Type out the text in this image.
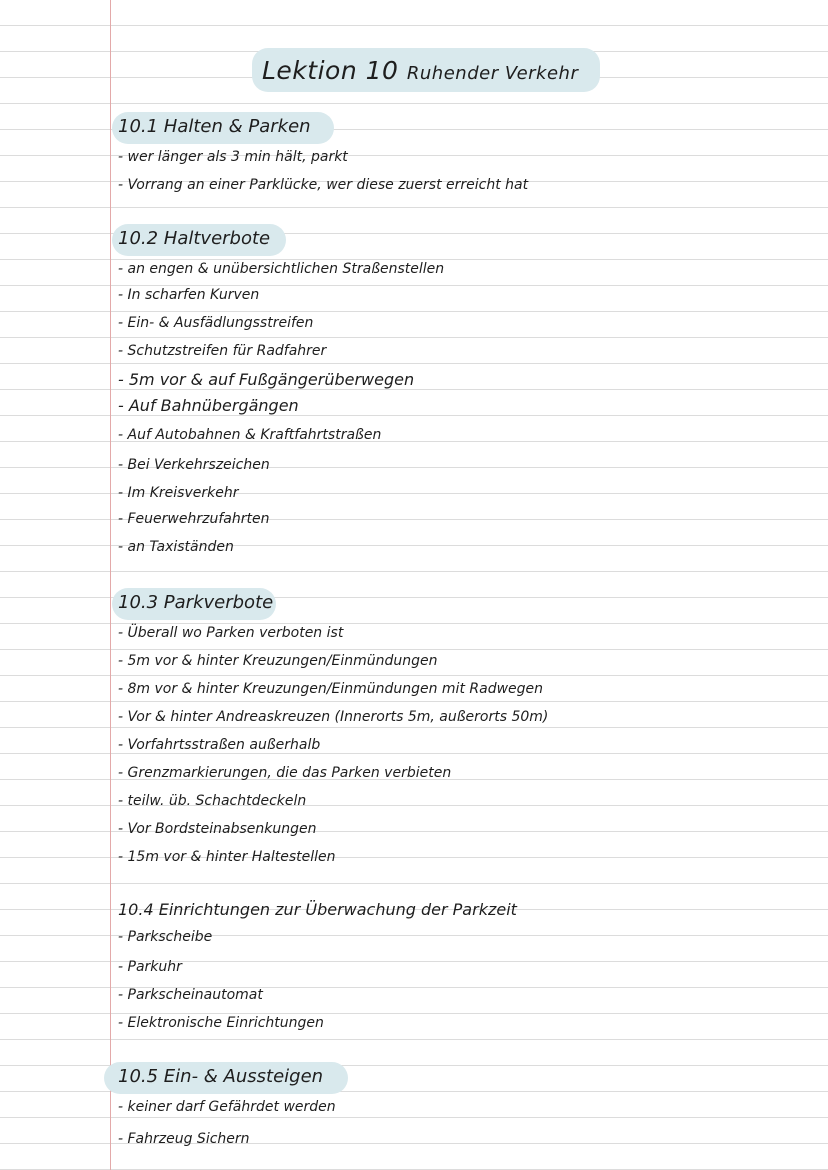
Lektion 10 Ruhender Verkehr
10.1 Halten & Parken
- wer länger als 3 min hält, parkt
- Vorrang an einer Parklücke, wer diese zuerst erreicht hat
10.2 Haltverbote
- an engen & unübersichtlichen Straßenstellen
- In scharfen Kurven
- Ein- & Ausfädlungsstreifen
- Schutzstreifen für Radfahrer
- 5m vor & auf Fußgängerüberwegen
- Auf Bahnübergängen
- Auf Autobahnen & Kraftfahrtstraßen
- Bei Verkehrszeichen
- Im Kreisverkehr
- Feuerwehrzufahrten
- an Taxiständen
10.3 Parkverbote
- Überall wo Parken verboten ist
- 5m vor & hinter Kreuzungen/Einmündungen
- 8m vor & hinter Kreuzungen/Einmündungen mit Radwegen
- Vor & hinter Andreaskreuzen (Innerorts 5m, außerorts 50m)
- Vorfahrtsstraßen außerhalb
- Grenzmarkierungen, die das Parken verbieten
- teilw. üb. Schachtdeckeln
- Vor Bordsteinabsenkungen
- 15m vor & hinter Haltestellen
10.4 Einrichtungen zur Überwachung der Parkzeit
- Parkscheibe
- Parkuhr
- Parkscheinautomat
- Elektronische Einrichtungen
10.5 Ein- & Aussteigen
- keiner darf Gefährdet werden
- Fahrzeug Sichern
